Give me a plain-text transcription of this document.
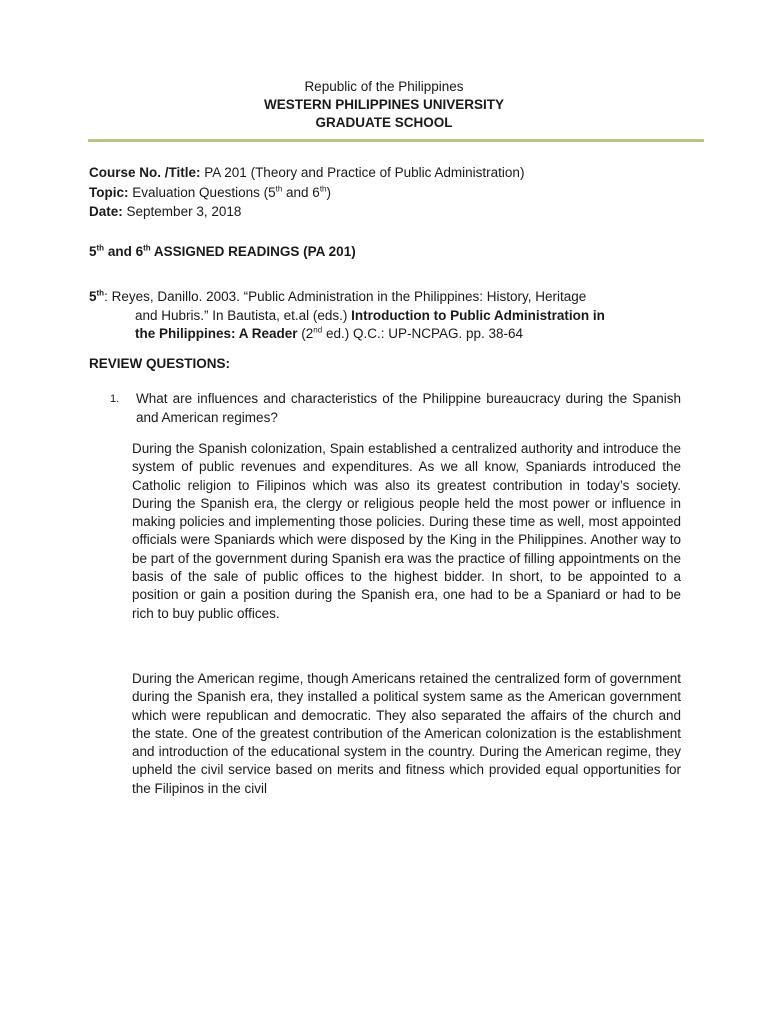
Republic of the Philippines
WESTERN PHILIPPINES UNIVERSITY
GRADUATE SCHOOL
Course No. /Title: PA 201 (Theory and Practice of Public Administration)
Topic: Evaluation Questions (5th and 6th)
Date: September 3, 2018
5th and 6th ASSIGNED READINGS (PA 201)
5th: Reyes, Danillo. 2003. “Public Administration in the Philippines: History, Heritage
and Hubris.” In Bautista, et.al (eds.) Introduction to Public Administration in
the Philippines: A Reader (2nd ed.) Q.C.: UP-NCPAG. pp. 38-64
REVIEW QUESTIONS:
1.	What are influences and characteristics of the Philippine bureaucracy during the Spanish and American regimes?
During the Spanish colonization, Spain established a centralized authority and introduce the system of public revenues and expenditures. As we all know, Spaniards introduced the Catholic religion to Filipinos which was also its greatest contribution in today’s society. During the Spanish era, the clergy or religious people held the most power or influence in making policies and implementing those policies. During these time as well, most appointed officials were Spaniards which were disposed by the King in the Philippines. Another way to be part of the government during Spanish era was the practice of filling appointments on the basis of the sale of public offices to the highest bidder. In short, to be appointed to a position or gain a position during the Spanish era, one had to be a Spaniard or had to be rich to buy public offices.
During the American regime, though Americans retained the centralized form of government during the Spanish era, they installed a political system same as the American government which were republican and democratic. They also separated the affairs of the church and the state. One of the greatest contribution of the American colonization is the establishment and introduction of the educational system in the country. During the American regime, they upheld the civil service based on merits and fitness which provided equal opportunities for the Filipinos in the civil
